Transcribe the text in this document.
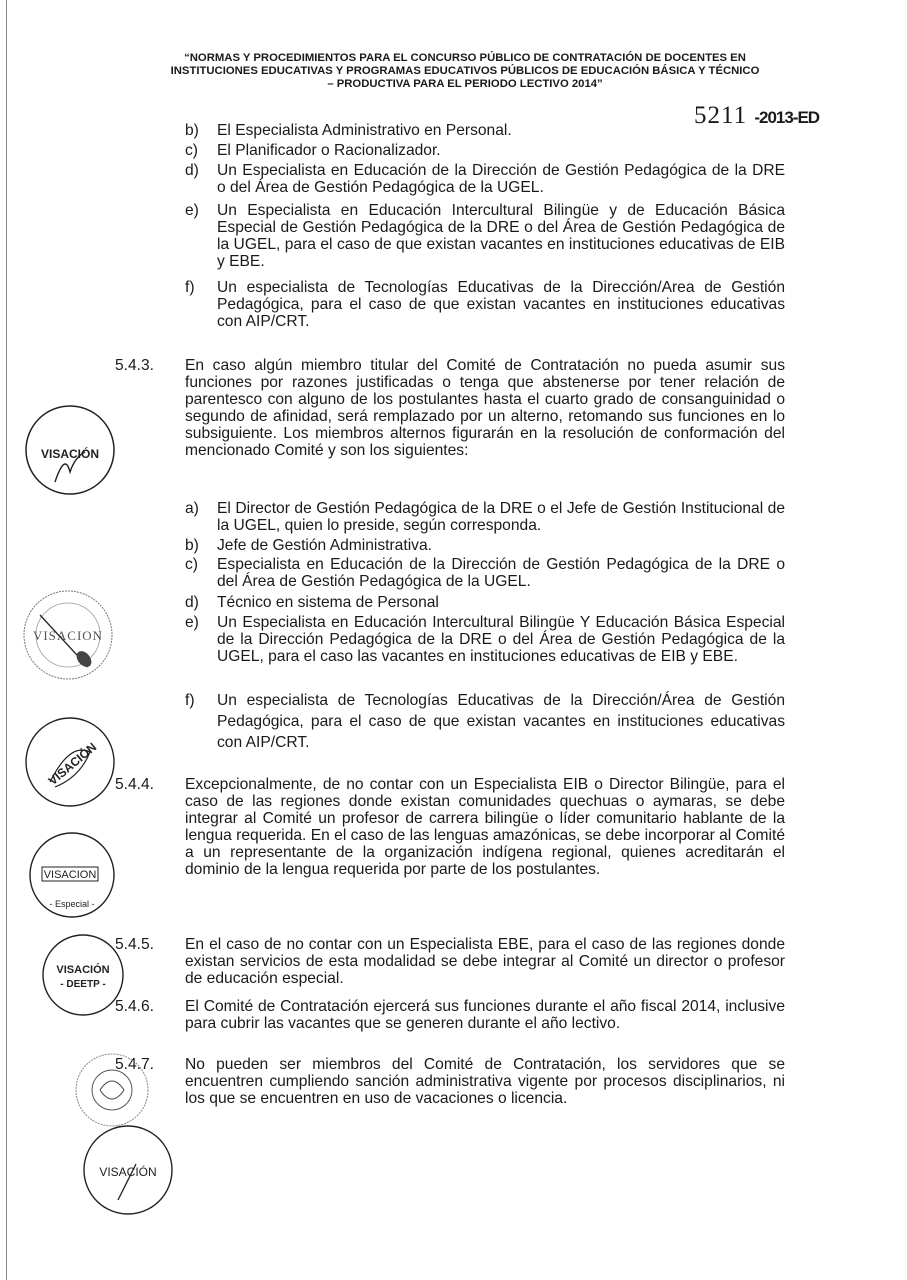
“NORMAS Y PROCEDIMIENTOS PARA EL CONCURSO PÚBLICO DE CONTRATACIÓN DE DOCENTES EN
INSTITUCIONES EDUCATIVAS Y PROGRAMAS EDUCATIVOS PÚBLICOS DE EDUCACIÓN BÁSICA Y TÉCNICO
– PRODUCTIVA PARA EL PERIODO LECTIVO 2014”
5211 -2013-ED
b) El Especialista Administrativo en Personal.
c) El Planificador o Racionalizador.
d) Un Especialista en Educación de la Dirección de Gestión Pedagógica de la DRE o del Área de Gestión Pedagógica de la UGEL.
e) Un Especialista en Educación Intercultural Bilingüe y de Educación Básica Especial de Gestión Pedagógica de la DRE o del Área de Gestión Pedagógica de la UGEL, para el caso de que existan vacantes en instituciones educativas de EIB y EBE.
f) Un especialista de Tecnologías Educativas de la Dirección/Area de Gestión Pedagógica, para el caso de que existan vacantes en instituciones educativas con AIP/CRT.
5.4.3. En caso algún miembro titular del Comité de Contratación no pueda asumir sus funciones por razones justificadas o tenga que abstenerse por tener relación de parentesco con alguno de los postulantes hasta el cuarto grado de consanguinidad o segundo de afinidad, será remplazado por un alterno, retomando sus funciones en lo subsiguiente. Los miembros alternos figurarán en la resolución de conformación del mencionado Comité y son los siguientes:
a) El Director de Gestión Pedagógica de la DRE o el Jefe de Gestión Institucional de la UGEL, quien lo preside, según corresponda.
b) Jefe de Gestión Administrativa.
c) Especialista en Educación de la Dirección de Gestión Pedagógica de la DRE o del Área de Gestión Pedagógica de la UGEL.
d) Técnico en sistema de Personal
e) Un Especialista en Educación Intercultural Bilingüe Y Educación Básica Especial de la Dirección Pedagógica de la DRE o del Área de Gestión Pedagógica de la UGEL, para el caso las vacantes en instituciones educativas de EIB y EBE.
f) Un especialista de Tecnologías Educativas de la Dirección/Área de Gestión Pedagógica, para el caso de que existan vacantes en instituciones educativas con AIP/CRT.
5.4.4. Excepcionalmente, de no contar con un Especialista EIB o Director Bilingüe, para el caso de las regiones donde existan comunidades quechuas o aymaras, se debe integrar al Comité un profesor de carrera bilingüe o líder comunitario hablante de la lengua requerida. En el caso de las lenguas amazónicas, se debe incorporar al Comité a un representante de la organización indígena regional, quienes acreditarán el dominio de la lengua requerida por parte de los postulantes.
5.4.5. En el caso de no contar con un Especialista EBE, para el caso de las regiones donde existan servicios de esta modalidad se debe integrar al Comité un director o profesor de educación especial.
5.4.6. El Comité de Contratación ejercerá sus funciones durante el año fiscal 2014, inclusive para cubrir las vacantes que se generen durante el año lectivo.
5.4.7. No pueden ser miembros del Comité de Contratación, los servidores que se encuentren cumpliendo sanción administrativa vigente por procesos disciplinarios, ni los que se encuentren en uso de vacaciones o licencia.
VISACIÓN
VISACION
VISACIÓN
VISACION
- Especial -
VISACIÓN
- DEETP -
VISACIÓN
